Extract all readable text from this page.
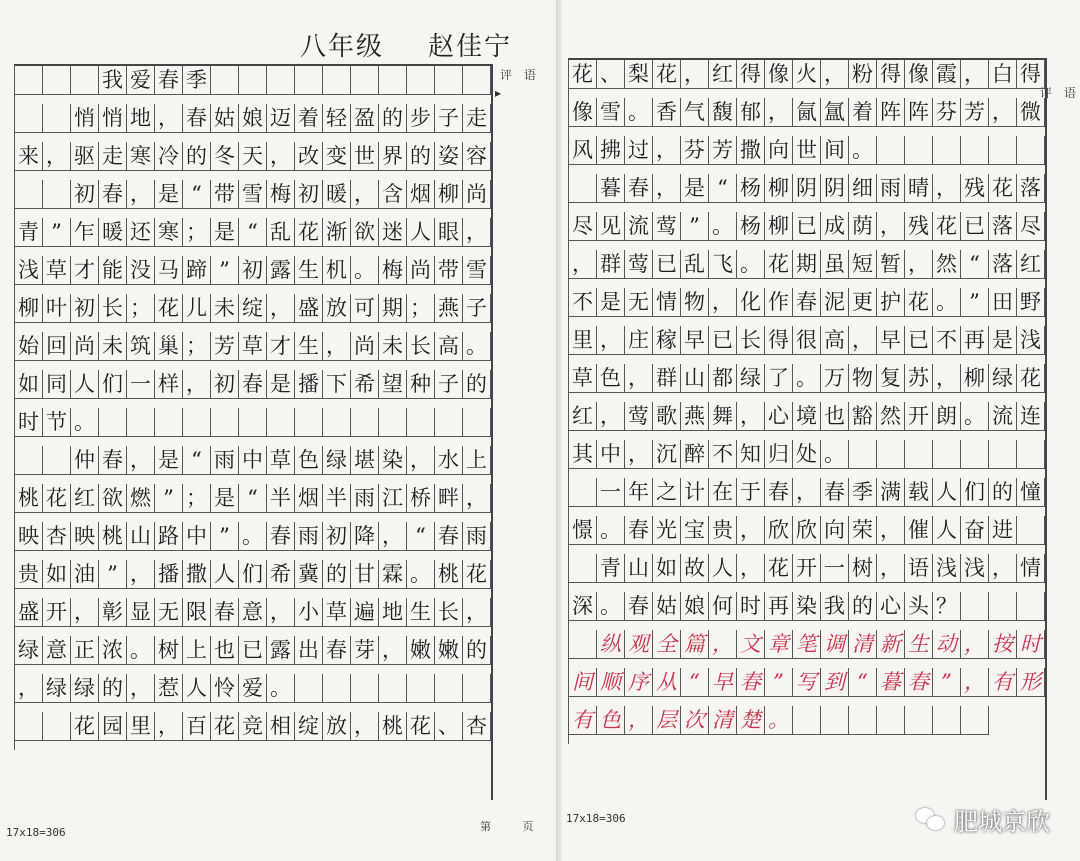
八年级 赵佳宁
我 爱 春 季
悄 悄 地 ， 春 姑 娘 迈 着 轻 盈 的 步 子 走
来 ， 驱 走 寒 冷 的 冬 天 ， 改 变 世 界 的 姿 容
初 春 ， 是 “ 带 雪 梅 初 暖 ， 含 烟 柳 尚
青 ” 乍 暖 还 寒 ； 是 “ 乱 花 渐 欲 迷 人 眼 ，
浅 草 才 能 没 马 蹄 ” 初 露 生 机 。 梅 尚 带 雪
柳 叶 初 长 ； 花 儿 未 绽 ， 盛 放 可 期 ； 燕 子
始 回 尚 未 筑 巢 ； 芳 草 才 生 ， 尚 未 长 高 。
如 同 人 们 一 样 ， 初 春 是 播 下 希 望 种 子 的
时 节 。
仲 春 ， 是 “ 雨 中 草 色 绿 堪 染 ， 水 上
桃 花 红 欲 燃 ” ； 是 “ 半 烟 半 雨 江 桥 畔 ，
映 杏 映 桃 山 路 中 ” 。 春 雨 初 降 ， “ 春 雨
贵 如 油 ” ， 播 撒 人 们 希 冀 的 甘 霖 。 桃 花
盛 开 ， 彰 显 无 限 春 意 ， 小 草 遍 地 生 长 ，
绿 意 正 浓 。 树 上 也 已 露 出 春 芽 ， 嫩 嫩 的
， 绿 绿 的 ， 惹 人 怜 爱 。
花 园 里 ， 百 花 竞 相 绽 放 ， 桃 花 、 杏
评 语
▸
17x18=306	第 页
花 、 梨 花 ， 红 得 像 火 ， 粉 得 像 霞 ， 白 得
像 雪 。 香 气 馥 郁 ， 氤 氲 着 阵 阵 芬 芳 ， 微
风 拂 过 ， 芬 芳 撒 向 世 间 。
暮 春 ， 是 “ 杨 柳 阴 阴 细 雨 晴 ， 残 花 落
尽 见 流 莺 ” 。 杨 柳 已 成 荫 ， 残 花 已 落 尽
， 群 莺 已 乱 飞 。 花 期 虽 短 暂 ， 然 “ 落 红
不 是 无 情 物 ， 化 作 春 泥 更 护 花 。 ” 田 野
里 ， 庄 稼 早 已 长 得 很 高 ， 早 已 不 再 是 浅
草 色 ， 群 山 都 绿 了 。 万 物 复 苏 ， 柳 绿 花
红 ， 莺 歌 燕 舞 ， 心 境 也 豁 然 开 朗 。 流 连
其 中 ， 沉 醉 不 知 归 处 。
一 年 之 计 在 于 春 ， 春 季 满 载 人 们 的 憧
憬 。 春 光 宝 贵 ， 欣 欣 向 荣 ， 催 人 奋 进
青 山 如 故 人 ， 花 开 一 树 ， 语 浅 浅 ， 情
深 。 春 姑 娘 何 时 再 染 我 的 心 头 ？
纵 观 全 篇 ， 文 章 笔 调 清 新 生 动 ， 按 时
间 顺 序 从 “ 早 春 ” 写 到 “ 暮 春 ” ， 有 形
有 色 ， 层 次 清 楚 。
评 语
17x18=306	肥城京欣
